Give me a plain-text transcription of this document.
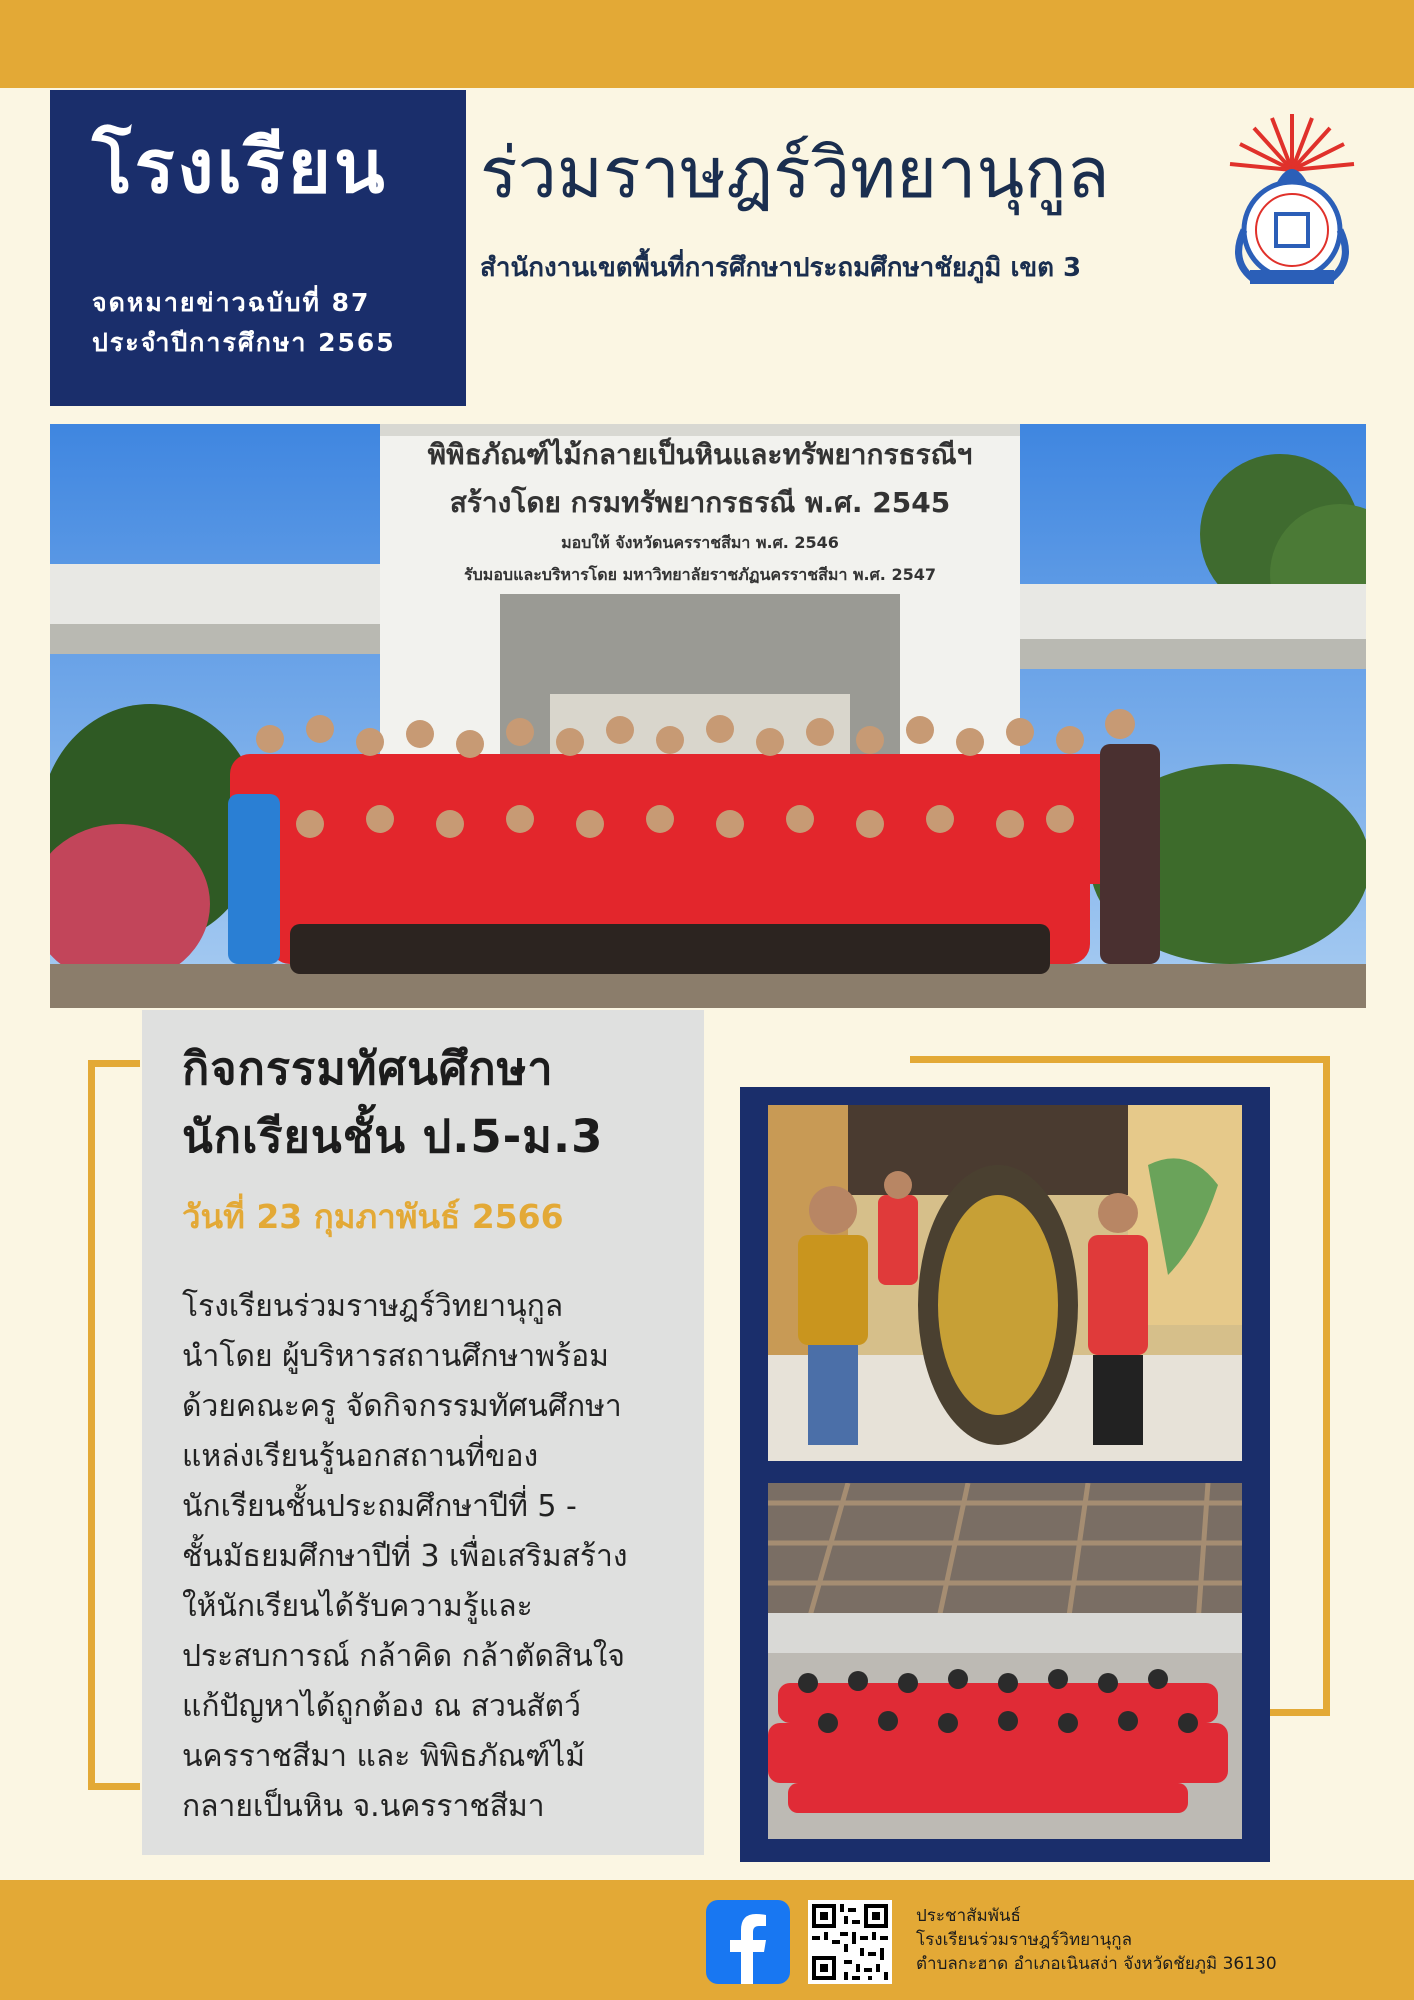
โรงเรียน
จดหมายข่าวฉบับที่ 87
ประจำปีการศึกษา 2565
ร่วมราษฎร์วิทยานุกูล
สำนักงานเขตพื้นที่การศึกษาประถมศึกษาชัยภูมิ เขต 3
พิพิธภัณฑ์ไม้กลายเป็นหินและทรัพยากรธรณีฯ
สร้างโดย กรมทรัพยากรธรณี พ.ศ. 2545
มอบให้ จังหวัดนครราชสีมา พ.ศ. 2546
รับมอบและบริหารโดย มหาวิทยาลัยราชภัฏนครราชสีมา พ.ศ. 2547
กิจกรรมทัศนศึกษา
นักเรียนชั้น ป.5-ม.3
วันที่ 23 กุมภาพันธ์ 2566
โรงเรียนร่วมราษฎร์วิทยานุกูล
นำโดย ผู้บริหารสถานศึกษาพร้อม
ด้วยคณะครู จัดกิจกรรมทัศนศึกษา
แหล่งเรียนรู้นอกสถานที่ของ
นักเรียนชั้นประถมศึกษาปีที่ 5 -
ชั้นมัธยมศึกษาปีที่ 3 เพื่อเสริมสร้าง
ให้นักเรียนได้รับความรู้และ
ประสบการณ์ กล้าคิด กล้าตัดสินใจ
แก้ปัญหาได้ถูกต้อง ณ สวนสัตว์
นครราชสีมา และ พิพิธภัณฑ์ไม้
กลายเป็นหิน จ.นครราชสีมา
ประชาสัมพันธ์
โรงเรียนร่วมราษฎร์วิทยานุกูล
ตำบลกะฮาด อำเภอเนินสง่า จังหวัดชัยภูมิ 36130
